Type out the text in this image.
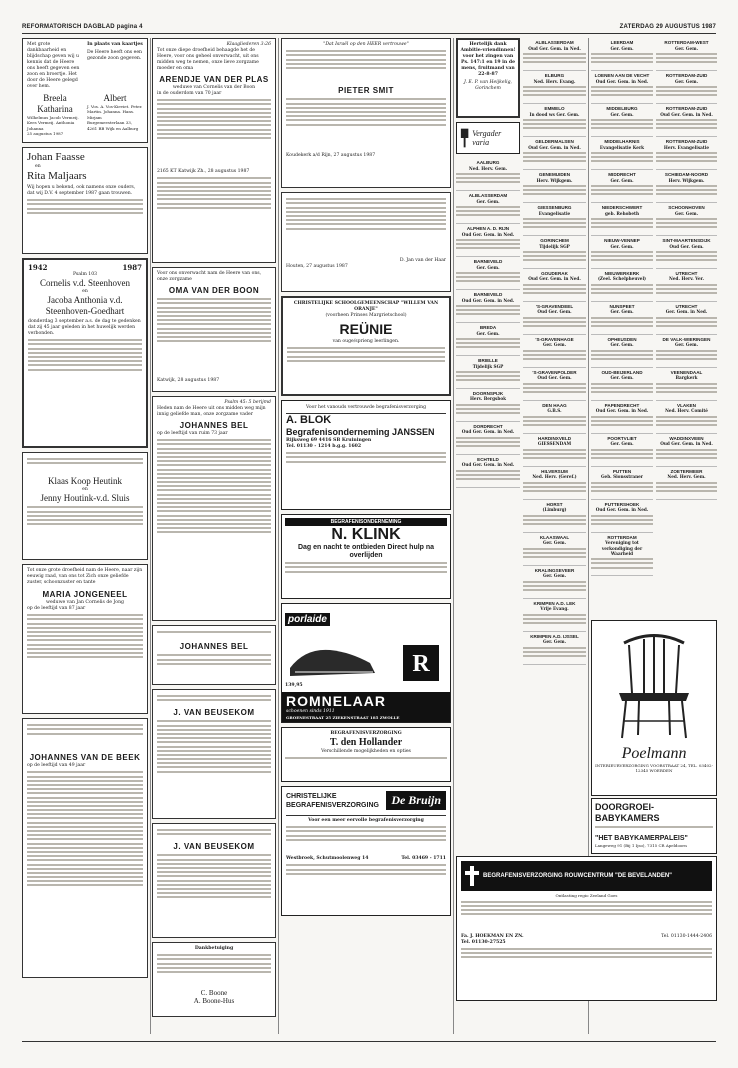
REFORMATORISCH DAGBLAD pagina 4	ZATERDAG 29 AUGUSTUS 1987
Met grote dankbaarheid en blijdschap geven wij u kennis dat de Heere ons heeft gegeven een zoon en broertje. Het door de Heere gelegd over hem.
In plaats van kaartjes
De Heere heeft ons een gezonde zoon gegeven.
Breela Katharina
Wilhelmus Jacob Vermeij. Kees Vermeij. Anthonia Johanna
25 augustus 1987
Albert
J. Vos. A. Vos-Kieviet. Peter. Martin. Johanna. Hans. Mirjam
Burgemeesterlaan 33, 4261 BB Wijk en Aalburg
Johan Faasse
en
Rita Maljaars
Wij hopen u bekend, ook namens onze ouders, dat wij D.V. 4 september 1987 gaan trouwen.
1942	1987
Psalm 103
Cornelis v.d. Steenhoven
en
Jacoba Anthonia v.d. Steenhoven-Goedhart
donderdag 3 september a.s. de dag te gedenken dat zij 45 jaar geleden in het huwelijk werden verbonden.
Klaas Koop Heutink
en
Jenny Houtink-v.d. Sluis
Tot onze grote droefheid nam de Heere, naar zijn eeuwig raad, van ons tot Zich onze geliefde zuster, schoonzuster en tante
MARIA JONGENEEL
weduwe van Jan Cornelis de Jong
op de leeftijd van 87 jaar
JOHANNES VAN DE BEEK
op de leeftijd van 49 jaar
Klaagliederen 3:26
Tot onze diepe droefheid behaagde het de Heere, voor ons geheel onverwacht, uit ons midden weg te nemen, onze lieve zorgzame moeder en oma
ARENDJE VAN DER PLAS
weduwe van Cornelis van der Boon
in de ouderdom van 70 jaar
2165 KT Katwijk Zh., 28 augustus 1987
Voor ons onverwacht nam de Heere van ons, onze zorgzame
OMA VAN DER BOON
Katwijk, 28 augustus 1987
Psalm 45: 5 berijmd
Heden nam de Heere uit ons midden weg mijn innig geliefde man, onze zorgzame vader
JOHANNES BEL
op de leeftijd van ruim 73 jaar
JOHANNES BEL
J. VAN BEUSEKOM
J. VAN BEUSEKOM
Dankbetuiging
C. Boone
A. Boone-Hus
"Dat Israël op den HEER vertrouwe"
PIETER SMIT
Koudekerk a/d Rijn, 27 augustus 1987
D. Jan van der Haar
Houten, 27 augustus 1987
CHRISTELIJKE SCHOOLGEMEENSCHAP "WILLEM VAN ORANJE"
(voorheen Prinses Margrietschool)
REÜNIE
van ouge/sprieng leerlingen.
Voor het vanouds vertrouwde begrafenisverzorging
A. BLOK
Begrafenisonderneming JANSSEN
Rijksweg 69 4416 SB Kruiningen
Tel. 01130 - 1214 b.g.g. 1602
BEGRAFENISONDERNEMING
N. KLINK
Dag en nacht te ontbieden Direct hulp na overlijden
porlaide
139,95
R
ROMNELAAR
schoenen sinds 1911
GROENESTRAAT 25 ZIEKENSTRAAT 185 ZWOLLE
BEGRAFENISVERZORGING
T. den Hollander
Verschillende mogelijkheden en opties
CHRISTELIJKE BEGRAFENISVERZORGING	De Bruijn
Voor een meer eervolle begrafenisverzorging
Westbroek, Schutmoolenweg 14	Tel. 03469 - 1711
Hertelijk dank Ambitie-vriendinnen! voor het zingen van Ps. 147:1 en 19 in de mens, fruitmand van 22-8-87
J. E. P. van Heijkelig, Gorinchem
Vergader varia
AALBURG
Ned. Herv. Gem.
ALBLASSERDAM
Ger. Gem.
ALPHEN A. D. RIJN
Oud Ger. Gem. in Ned.
BARNEVELD
Ger. Gem.
BARNEVELD
Oud Ger. Gem. in Ned.
BREDA
Ger. Gem.
BRIELLE
Tijdelijk SGP
DOORNSPIJK
Herv. Bergsbok
DORDRECHT
Oud Ger. Gem. in Ned.
ECHTELD
Oud Ger. Gem. in Ned.
ALBLASSERDAM
Oud Ger. Gem. in Ned.
ELBURG
Ned. Herv. Evang.
EMMELO
In dood ws Ger. Gem.
GELDERMALSEN
Oud Ger. Gem. in Ned.
GENEMUIDEN
Herv. Wijkgem.
GIESSENBURG
Evangelisatie
GORINCHEM
Tijdelijk SGP
GOUDERAK
Oud Ger. Gem. in Ned.
'S-GRAVENDEEL
Oud Ger. Gem.
'S-GRAVENHAGE
Ger. Gem.
'S-GRAVENPOLDER
Oud Ger. Gem.
DEN HAAG
G.B.S.
HARDINXVELD
GIESSENDAM
HILVERSUM
Ned. Herv. (Geref.)
HORST
(Limburg)
KLAASWAAL
Ger. Gem.
KRALINGSEVEER
Ger. Gem.
KRIMPEN A.D. LEK
Vrije Evang.
KRIMPEN A.D. IJSSEL
Ger. Gem.
LEERDAM
Ger. Gem.
LOENEN AAN DE VECHT
Oud Ger. Gem. in Ned.
MIDDELBURG
Ger. Gem.
MIDDELHARNIS
Evangelisatie Kerk
MIDDRECHT
Ger. Gem.
NIEDERSCHWERT
geb. Rehobeth
NIEUW-VENNEP
Ger. Gem.
NIEUWERKERK
(Zeel. Schelpheuvel)
NUNSPEET
Ger. Gem.
OPHEUSDEN
Ger. Gem.
OUD-BEIJERLAND
Ger. Gem.
PAPENDRECHT
Oud Ger. Gem. in Ned.
POORTVLIET
Ger. Gem.
PUTTEN
Geb. Sionsstraner
PUTTERSHOEK
Oud Ger. Gem. in Ned.
ROTTERDAM
Vereniging tot verkondiging der Waarheid
ROTTERDAM-WEST
Ger. Gem.
ROTTERDAM-ZUID
Ger. Gem.
ROTTERDAM-ZUID
Oud Ger. Gem. in Ned.
ROTTERDAM-ZUID
Herv. Evangelisatie
SCHIEDAM-NOORD
Herv. Wijkgem.
SCHOONHOVEN
Ger. Gem.
SINT-MAARTENSDIJK
Oud Ger. Gem.
UTRECHT
Ned. Herv. Ver.
UTRECHT
Ger. Gem. in Ned.
DE VALK-WIERINGEN
Ger. Gem.
VEENENDAAL
Bargkerk
VLAKEN
Ned. Herv. Comité
WADDINXVEEN
Oud Ger. Gem. in Ned.
ZOETERMEER
Ned. Herv. Gem.
Poelmann
INTERIEURVERZORGING VOORSTRAAT 24, TEL. 03402-12345 WOERDEN
DOORGROEI-BABYKAMERS
"HET BABYKAMERPALEIS"
Langeweg 91 (Bij 1 Ijso), 7315 CR Apeldoorn
BEGRAFENISVERZORGING ROUWCENTRUM "DE BEVELANDEN"
Ontlasting regio Zeeland Goes
Fa. J. HOEKMAN EN ZN.	Tel. 01130-1444-2406
Tel. 01130-27525
